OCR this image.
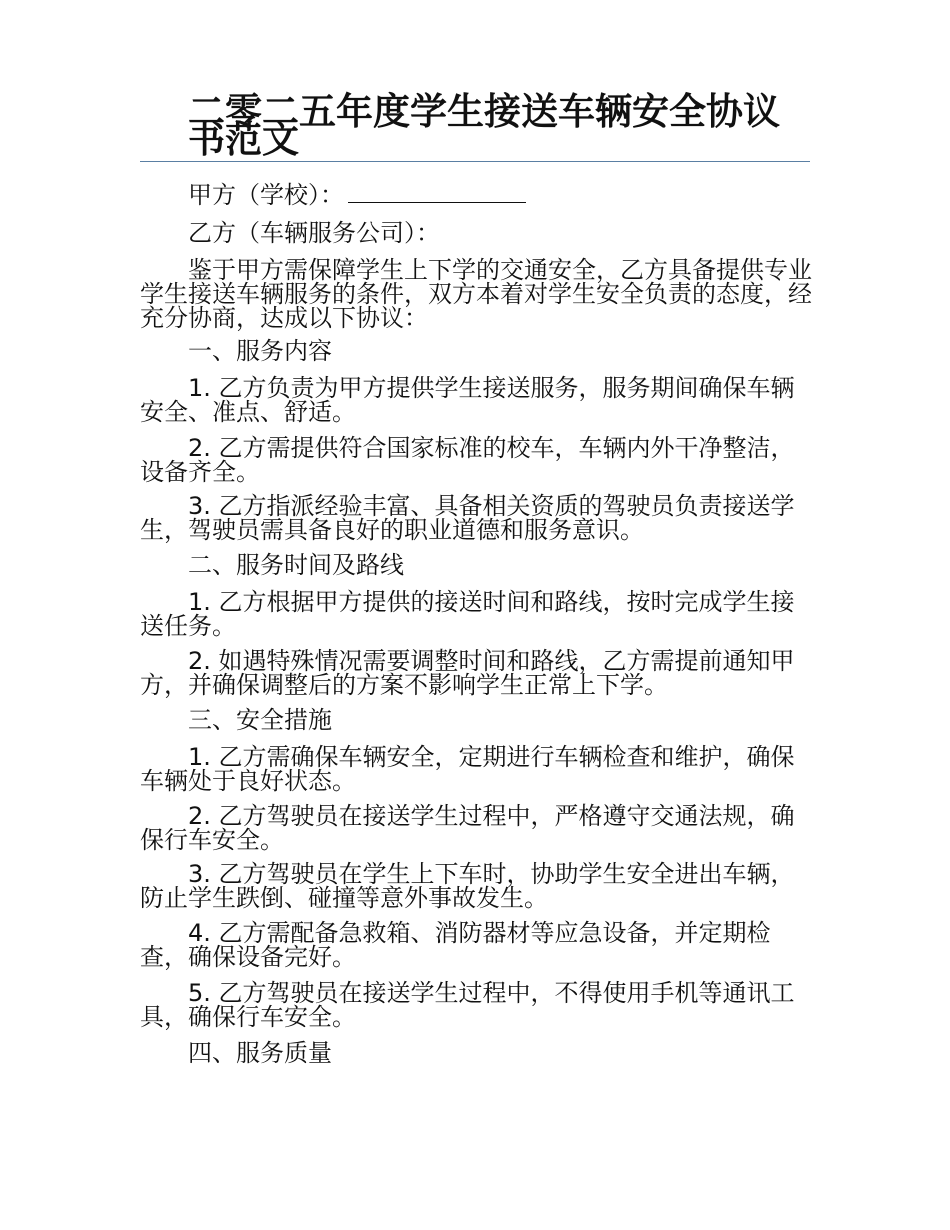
二零二五年度学生接送车辆安全协议书范文
甲方（学校）：
乙方（车辆服务公司）：
鉴于甲方需保障学生上下学的交通安全，乙方具备提供专业学生接送车辆服务的条件，双方本着对学生安全负责的态度，经充分协商，达成以下协议：
一、服务内容
1. 乙方负责为甲方提供学生接送服务，服务期间确保车辆安全、准点、舒适。
2. 乙方需提供符合国家标准的校车，车辆内外干净整洁，设备齐全。
3. 乙方指派经验丰富、具备相关资质的驾驶员负责接送学生，驾驶员需具备良好的职业道德和服务意识。
二、服务时间及路线
1. 乙方根据甲方提供的接送时间和路线，按时完成学生接送任务。
2. 如遇特殊情况需要调整时间和路线，乙方需提前通知甲方，并确保调整后的方案不影响学生正常上下学。
三、安全措施
1. 乙方需确保车辆安全，定期进行车辆检查和维护，确保车辆处于良好状态。
2. 乙方驾驶员在接送学生过程中，严格遵守交通法规，确保行车安全。
3. 乙方驾驶员在学生上下车时，协助学生安全进出车辆，防止学生跌倒、碰撞等意外事故发生。
4. 乙方需配备急救箱、消防器材等应急设备，并定期检查，确保设备完好。
5. 乙方驾驶员在接送学生过程中，不得使用手机等通讯工具，确保行车安全。
四、服务质量
